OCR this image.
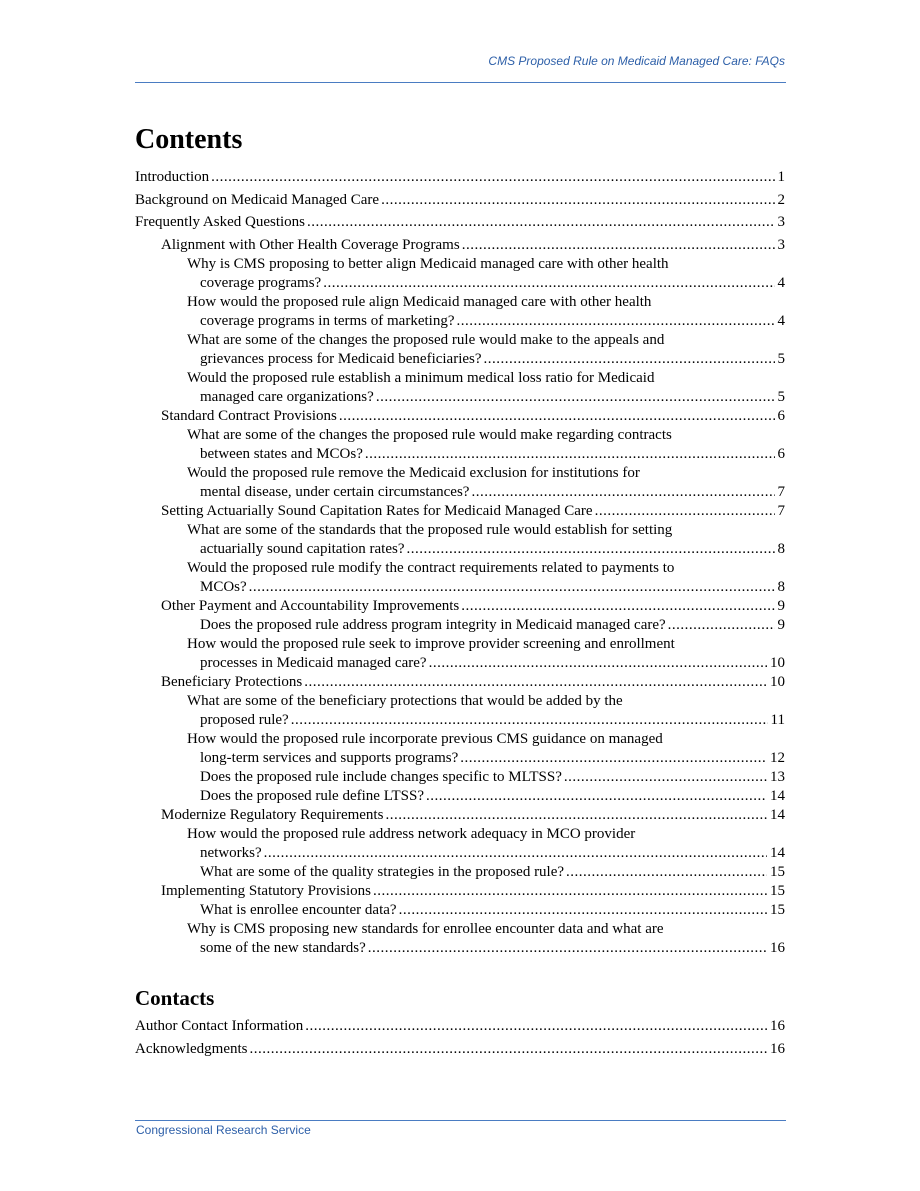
CMS Proposed Rule on Medicaid Managed Care: FAQs
Contents
Introduction .....	1
Background on Medicaid Managed Care .....	2
Frequently Asked Questions .....	3
Alignment with Other Health Coverage Programs .....	3
Why is CMS proposing to better align Medicaid managed care with other health
coverage programs? .....	4
How would the proposed rule align Medicaid managed care with other health
coverage programs in terms of marketing? .....	4
What are some of the changes the proposed rule would make to the appeals and
grievances process for Medicaid beneficiaries? .....	5
Would the proposed rule establish a minimum medical loss ratio for Medicaid
managed care organizations? .....	5
Standard Contract Provisions .....	6
What are some of the changes the proposed rule would make regarding contracts
between states and MCOs? .....	6
Would the proposed rule remove the Medicaid exclusion for institutions for
mental disease, under certain circumstances? .....	7
Setting Actuarially Sound Capitation Rates for Medicaid Managed Care .....	7
What are some of the standards that the proposed rule would establish for setting
actuarially sound capitation rates? .....	8
Would the proposed rule modify the contract requirements related to payments to
MCOs? .....	8
Other Payment and Accountability Improvements .....	9
Does the proposed rule address program integrity in Medicaid managed care? .....	9
How would the proposed rule seek to improve provider screening and enrollment
processes in Medicaid managed care? .....	10
Beneficiary Protections .....	10
What are some of the beneficiary protections that would be added by the
proposed rule? .....	11
How would the proposed rule incorporate previous CMS guidance on managed
long-term services and supports programs? .....	12
Does the proposed rule include changes specific to MLTSS? .....	13
Does the proposed rule define LTSS? .....	14
Modernize Regulatory Requirements .....	14
How would the proposed rule address network adequacy in MCO provider
networks? .....	14
What are some of the quality strategies in the proposed rule? .....	15
Implementing Statutory Provisions .....	15
What is enrollee encounter data? .....	15
Why is CMS proposing new standards for enrollee encounter data and what are
some of the new standards? .....	16
Contacts
Author Contact Information .....	16
Acknowledgments .....	16
Congressional Research Service
